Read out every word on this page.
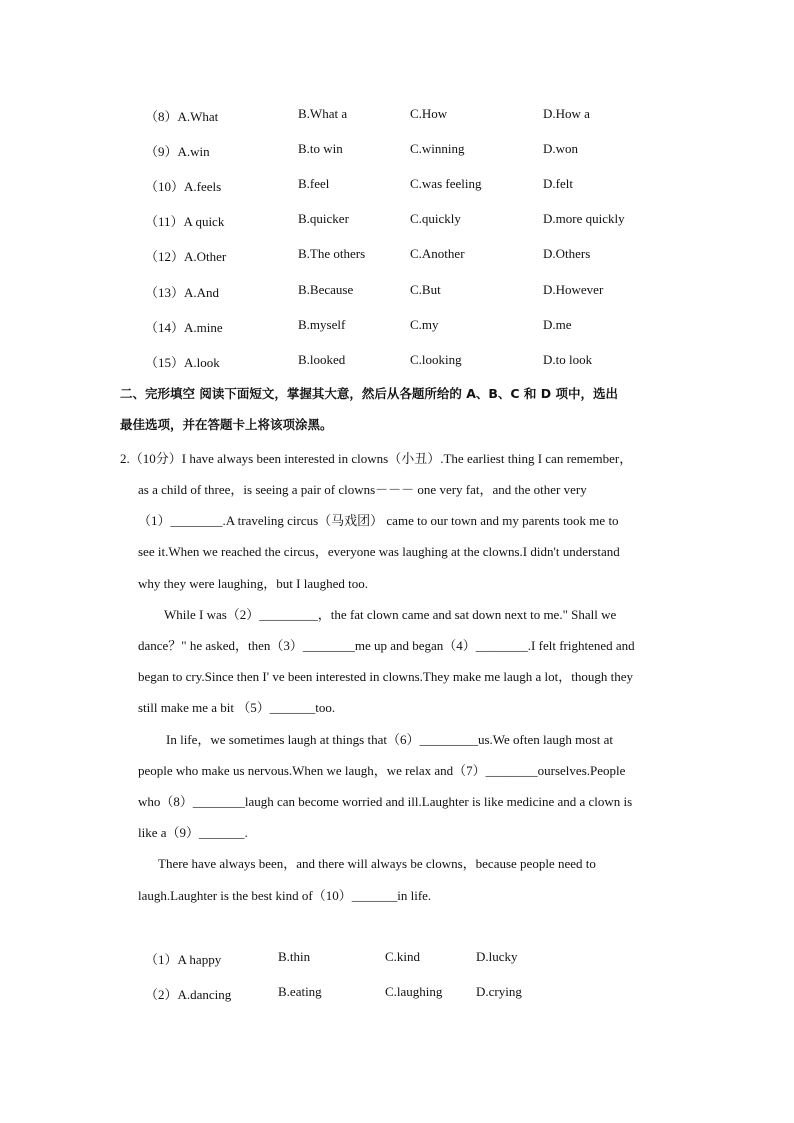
（8）A.What	B.What a	C.How	D.How a
（9）A.win	B.to win	C.winning	D.won
（10）A.feels	B.feel	C.was feeling	D.felt
（11）A quick	B.quicker	C.quickly	D.more quickly
（12）A.Other	B.The others	C.Another	D.Others
（13）A.And	B.Because	C.But	D.However
（14）A.mine	B.myself	C.my	D.me
（15）A.look	B.looked	C.looking	D.to look
二、完形填空 阅读下面短文，掌握其大意，然后从各题所给的 A、B、C 和 D 项中，选出
最佳选项，并在答题卡上将该项涂黑。
2.（10分）I have always been interested in clowns（小丑）.The earliest thing I can remember，
as a child of three，is seeing a pair of clowns－－－ one very fat，and the other very
（1）________.A traveling circus（马戏团） came to our town and my parents took me to
see it.When we reached the circus，everyone was laughing at the clowns.I didn't understand
why they were laughing，but I laughed too.
While I was（2）_________，the fat clown came and sat down next to me." Shall we
dance？" he asked，then（3）________me up and began（4）________.I felt frightened and
began to cry.Since then I' ve been interested in clowns.They make me laugh a lot，though they
still make me a bit （5）_______too.
In life，we sometimes laugh at things that（6）_________us.We often laugh most at
people who make us nervous.When we laugh，we relax and（7）________ourselves.People
who（8）________laugh can become worried and ill.Laughter is like medicine and a clown is
like a（9）_______.
There have always been，and there will always be clowns，because people need to
laugh.Laughter is the best kind of（10）_______in life.
（1）A happy	B.thin	C.kind	D.lucky
（2）A.dancing	B.eating	C.laughing	D.crying
